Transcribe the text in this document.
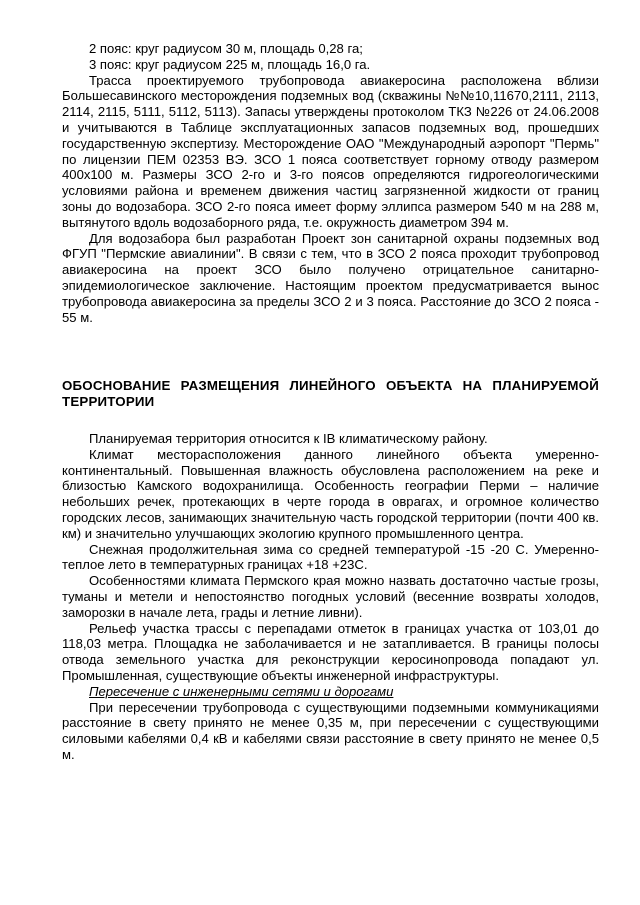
2 пояс: круг радиусом 30 м, площадь 0,28 га;

3 пояс: круг радиусом 225 м, площадь 16,0 га.

Трасса проектируемого трубопровода авиакеросина расположена вблизи Большесавинского месторождения подземных вод (скважины №№10,11670,2111, 2113, 2114, 2115, 5111, 5112, 5113). Запасы утверждены протоколом ТКЗ №226 от 24.06.2008 и учитываются в Таблице эксплуатационных запасов подземных вод, прошедших государственную экспертизу. Месторождение ОАО "Международный аэропорт "Пермь" по лицензии ПЕМ 02353 ВЭ. ЗСО 1 пояса соответствует горному отводу размером 400х100 м. Размеры ЗСО 2-го и 3-го поясов определяются гидрогеологическими условиями района и временем движения частиц загрязненной жидкости от границ зоны до водозабора. ЗСО 2-го пояса имеет форму эллипса размером 540 м на 288 м, вытянутого вдоль водозаборного ряда, т.е. окружность диаметром 394 м.

Для водозабора был разработан Проект зон санитарной охраны подземных вод ФГУП "Пермские авиалинии". В связи с тем, что в ЗСО 2 пояса проходит трубопровод авиакеросина на проект ЗСО было получено отрицательное санитарно-эпидемиологическое заключение. Настоящим проектом предусматривается вынос трубопровода авиакеросина за пределы ЗСО 2 и 3 пояса. Расстояние до ЗСО 2 пояса - 55 м.

ОБОСНОВАНИЕ РАЗМЕЩЕНИЯ ЛИНЕЙНОГО ОБЪЕКТА НА ПЛАНИРУЕМОЙ ТЕРРИТОРИИ

Планируемая территория относится к IB климатическому району.

Климат месторасположения данного линейного объекта умеренно-континентальный. Повышенная влажность обусловлена расположением на реке и близостью Камского водохранилища. Особенность географии Перми – наличие небольших речек, протекающих в черте города в оврагах, и огромное количество городских лесов, занимающих значительную часть городской территории (почти 400 кв. км) и значительно улучшающих экологию крупного промышленного центра.

Снежная продолжительная зима со средней температурой -15 -20 С. Умеренно-теплое лето в температурных границах +18 +23С.

Особенностями климата Пермского края можно назвать достаточно частые грозы, туманы и метели и непостоянство погодных условий (весенние возвраты холодов, заморозки в начале лета, грады и летние ливни).

Рельеф участка трассы с перепадами отметок в границах участка от 103,01 до 118,03 метра. Площадка не заболачивается и не затапливается. В границы полосы отвода земельного участка для реконструкции керосинопровода попадают ул. Промышленная, существующие объекты инженерной инфраструктуры.

Пересечение с инженерными сетями и дорогами

При пересечении трубопровода с существующими подземными коммуникациями расстояние в свету принято не менее 0,35 м, при пересечении с существующими силовыми кабелями 0,4 кВ и кабелями связи расстояние в свету принято не менее 0,5 м.
